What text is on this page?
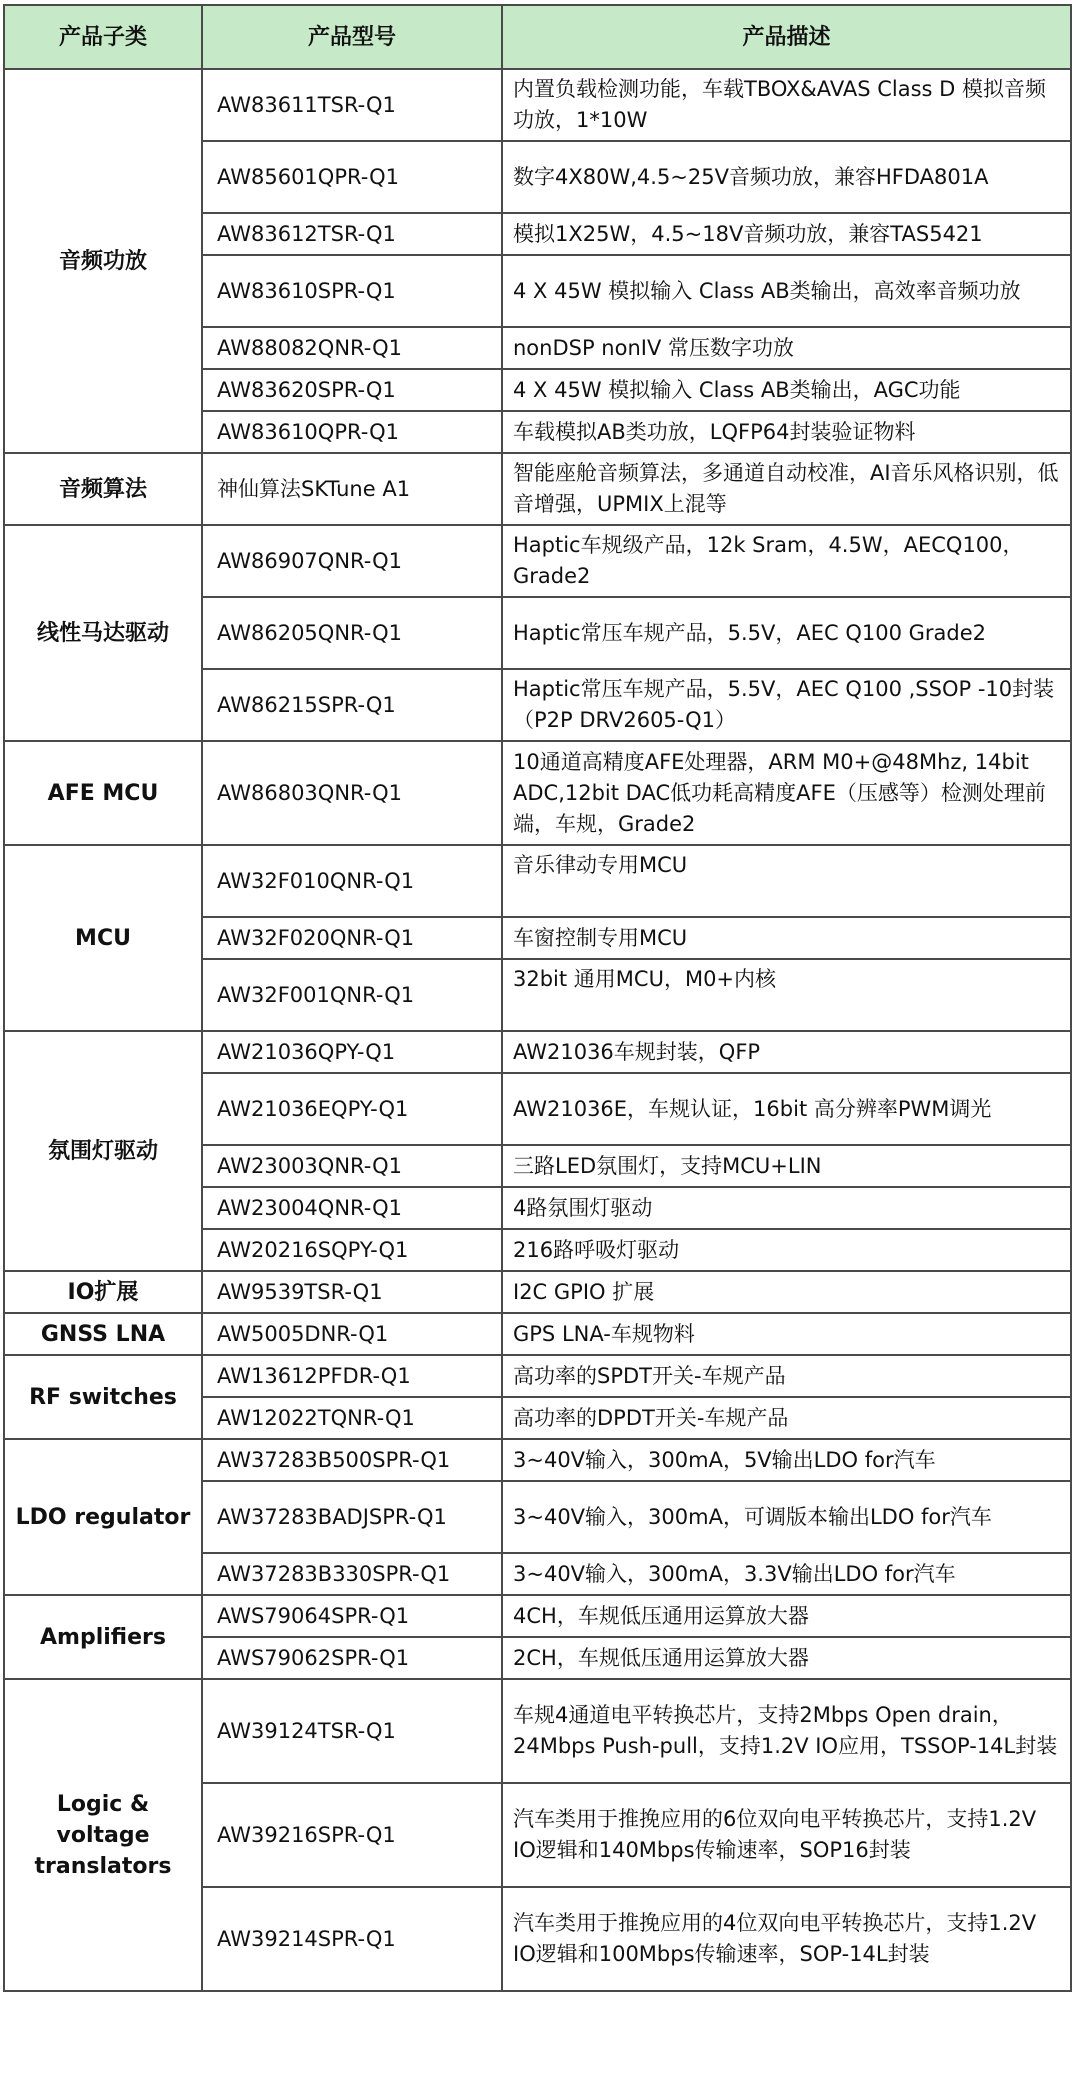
产品子类	产品型号	产品描述
音频功放	AW83611TSR-Q1	内置负载检测功能，车载TBOX&AVAS Class D 模拟音频功放，1*10W
	AW85601QPR-Q1	数字4X80W,4.5~25V音频功放，兼容HFDA801A
	AW83612TSR-Q1	模拟1X25W，4.5~18V音频功放，兼容TAS5421
	AW83610SPR-Q1	4 X 45W 模拟输入 Class AB类输出，高效率音频功放
	AW88082QNR-Q1	nonDSP nonIV 常压数字功放
	AW83620SPR-Q1	4 X 45W 模拟输入 Class AB类输出，AGC功能
	AW83610QPR-Q1	车载模拟AB类功放，LQFP64封装验证物料
音频算法	神仙算法SKTune A1	智能座舱音频算法，多通道自动校准，AI音乐风格识别，低音增强，UPMIX上混等
线性马达驱动	AW86907QNR-Q1	Haptic车规级产品，12k Sram，4.5W，AECQ100，Grade2
	AW86205QNR-Q1	Haptic常压车规产品，5.5V，AEC Q100 Grade2
	AW86215SPR-Q1	Haptic常压车规产品，5.5V，AEC Q100 ,SSOP -10封装（P2P DRV2605-Q1）
AFE MCU	AW86803QNR-Q1	10通道高精度AFE处理器，ARM M0+@48Mhz, 14bit ADC,12bit DAC低功耗高精度AFE（压感等）检测处理前端，车规，Grade2
MCU	AW32F010QNR-Q1	音乐律动专用MCU
	AW32F020QNR-Q1	车窗控制专用MCU
	AW32F001QNR-Q1	32bit 通用MCU，M0+内核
氛围灯驱动	AW21036QPY-Q1	AW21036车规封装，QFP
	AW21036EQPY-Q1	AW21036E，车规认证，16bit 高分辨率PWM调光
	AW23003QNR-Q1	三路LED氛围灯，支持MCU+LIN
	AW23004QNR-Q1	4路氛围灯驱动
	AW20216SQPY-Q1	216路呼吸灯驱动
IO扩展	AW9539TSR-Q1	I2C GPIO 扩展
GNSS LNA	AW5005DNR-Q1	GPS LNA-车规物料
RF switches	AW13612PFDR-Q1	高功率的SPDT开关-车规产品
	AW12022TQNR-Q1	高功率的DPDT开关-车规产品
LDO regulator	AW37283B500SPR-Q1	3~40V输入，300mA，5V输出LDO for汽车
	AW37283BADJSPR-Q1	3~40V输入，300mA，可调版本输出LDO for汽车
	AW37283B330SPR-Q1	3~40V输入，300mA，3.3V输出LDO for汽车
Amplifiers	AWS79064SPR-Q1	4CH，车规低压通用运算放大器
	AWS79062SPR-Q1	2CH，车规低压通用运算放大器
Logic & voltage translators	AW39124TSR-Q1	车规4通道电平转换芯片，支持2Mbps Open drain，24Mbps Push-pull，支持1.2V IO应用，TSSOP-14L封装
	AW39216SPR-Q1	汽车类用于推挽应用的6位双向电平转换芯片，支持1.2V IO逻辑和140Mbps传输速率，SOP16封装
	AW39214SPR-Q1	汽车类用于推挽应用的4位双向电平转换芯片，支持1.2V IO逻辑和100Mbps传输速率，SOP-14L封装
